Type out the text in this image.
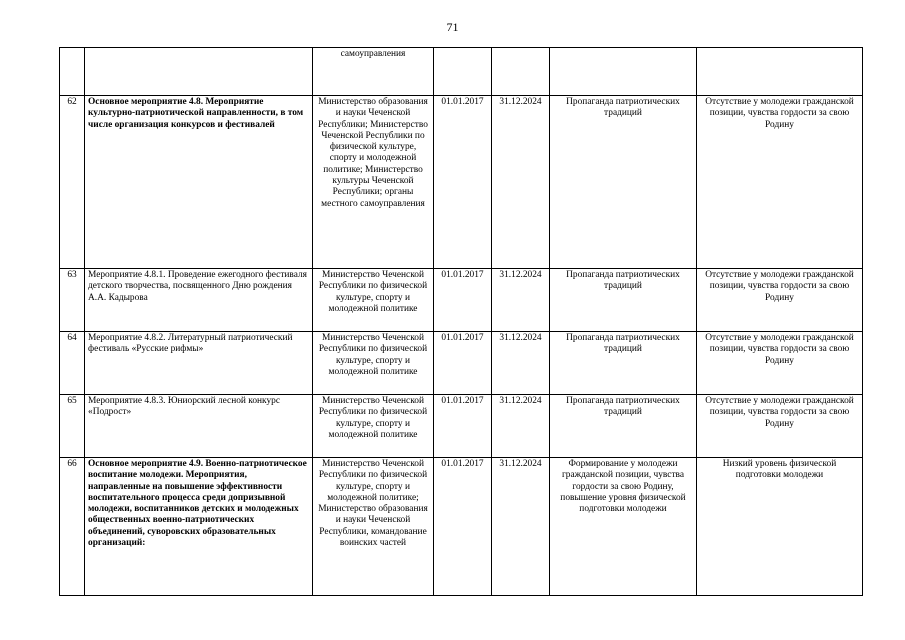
71
		самоуправления				
62	Основное мероприятие 4.8. Мероприятие культурно-патриотической направленности, в том числе организация конкурсов и фестивалей	Министерство образования и науки Чеченской Республики; Министерство Чеченской Республики по физической культуре, спорту и молодежной политике; Министерство культуры Чеченской Республики; органы местного самоуправления	01.01.2017	31.12.2024	Пропаганда патриотических традиций	Отсутствие у молодежи гражданской позиции, чувства гордости за свою Родину
63	Мероприятие 4.8.1. Проведение ежегодного фестиваля детского творчества, посвященного Дню рождения А.А. Кадырова	Министерство Чеченской Республики по физической культуре, спорту и молодежной политике	01.01.2017	31.12.2024	Пропаганда патриотических традиций	Отсутствие у молодежи гражданской позиции, чувства гордости за свою Родину
64	Мероприятие 4.8.2. Литературный патриотический фестиваль «Русские рифмы»	Министерство Чеченской Республики по физической культуре, спорту и молодежной политике	01.01.2017	31.12.2024	Пропаганда патриотических традиций	Отсутствие у молодежи гражданской позиции, чувства гордости за свою Родину
65	Мероприятие 4.8.3. Юниорский лесной конкурс «Подрост»	Министерство Чеченской Республики по физической культуре, спорту и молодежной политике	01.01.2017	31.12.2024	Пропаганда патриотических традиций	Отсутствие у молодежи гражданской позиции, чувства гордости за свою Родину
66	Основное мероприятие 4.9. Военно-патриотическое воспитание молодежи. Мероприятия, направленные на повышение эффективности воспитательного процесса среди допризывной молодежи, воспитанников детских и молодежных общественных военно-патриотических объединений, суворовских образовательных организаций:	Министерство Чеченской Республики по физической культуре, спорту и молодежной политике; Министерство образования и науки Чеченской Республики, командование воинских частей	01.01.2017	31.12.2024	Формирование у молодежи гражданской позиции, чувства гордости за свою Родину, повышение уровня физической подготовки молодежи	Низкий уровень физической подготовки молодежи
